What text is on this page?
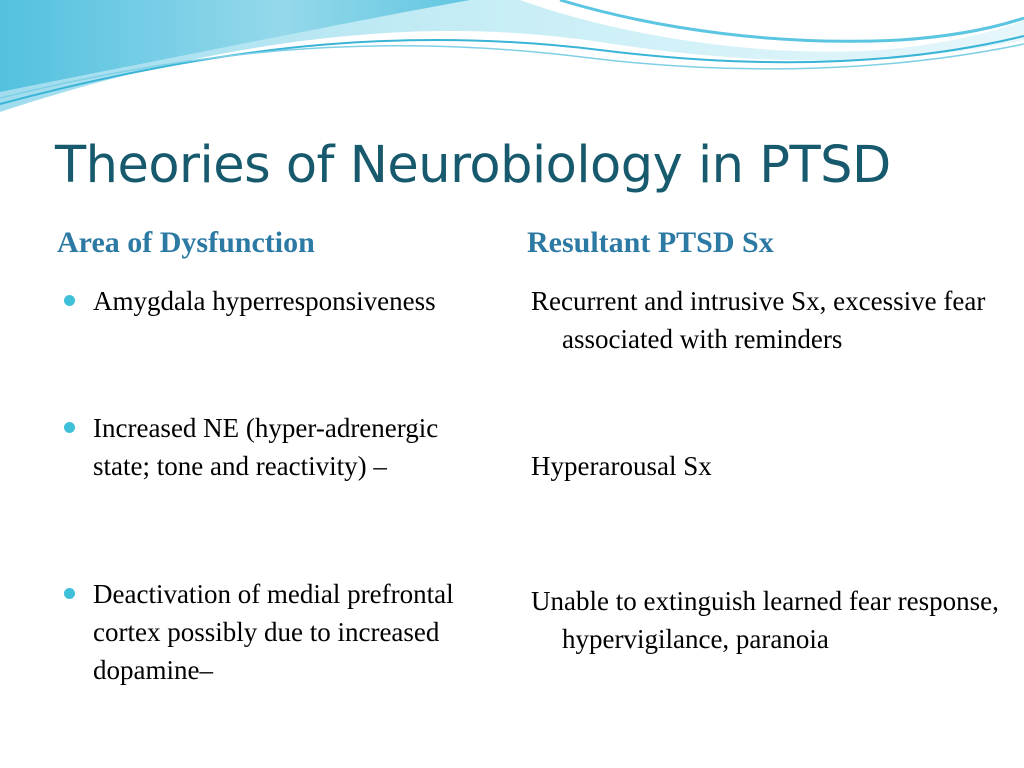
Theories of Neurobiology in PTSD
Area of Dysfunction	Resultant PTSD Sx
Amygdala hyperresponsiveness
Increased NE (hyper-adrenergic state; tone and reactivity) –
Deactivation of medial prefrontal cortex possibly due to increased dopamine–
Recurrent and intrusive Sx, excessive fear associated with reminders
Hyperarousal Sx
Unable to extinguish learned fear response, hypervigilance, paranoia
